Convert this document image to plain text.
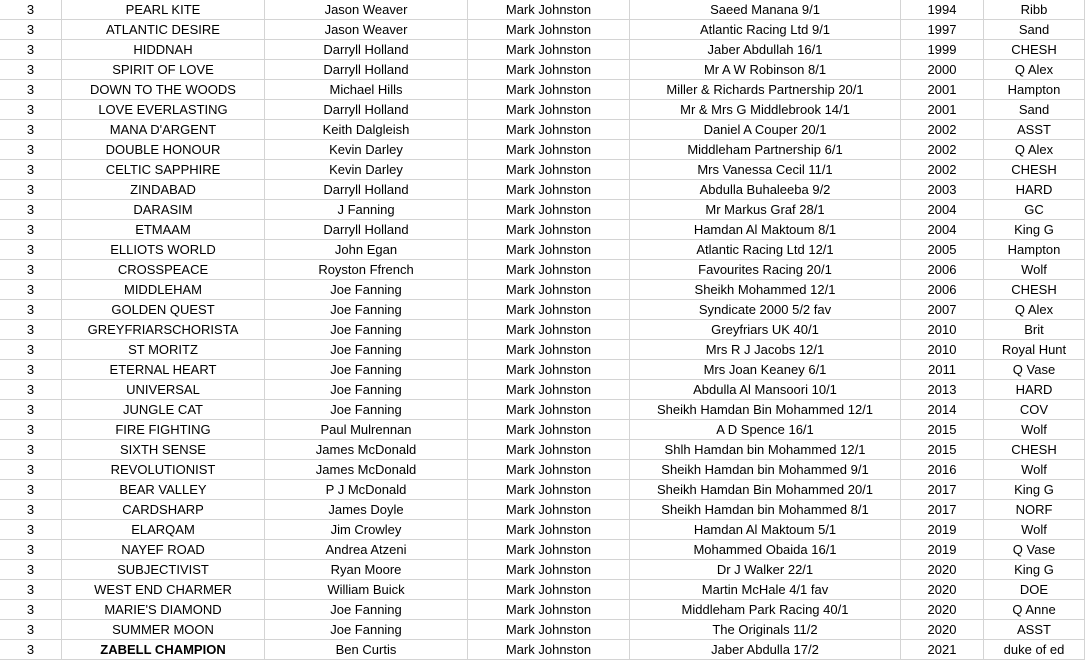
3	PEARL KITE	Jason Weaver	Mark Johnston	Saeed Manana 9/1	1994	Ribb
3	ATLANTIC DESIRE	Jason Weaver	Mark Johnston	Atlantic Racing Ltd 9/1	1997	Sand
3	HIDDNAH	Darryll Holland	Mark Johnston	Jaber Abdullah 16/1	1999	CHESH
3	SPIRIT OF LOVE	Darryll Holland	Mark Johnston	Mr A W Robinson 8/1	2000	Q Alex
3	DOWN TO THE WOODS	Michael Hills	Mark Johnston	Miller & Richards Partnership 20/1	2001	Hampton
3	LOVE EVERLASTING	Darryll Holland	Mark Johnston	Mr & Mrs G Middlebrook 14/1	2001	Sand
3	MANA D'ARGENT	Keith Dalgleish	Mark Johnston	Daniel A Couper 20/1	2002	ASST
3	DOUBLE HONOUR	Kevin Darley	Mark Johnston	Middleham Partnership 6/1	2002	Q Alex
3	CELTIC SAPPHIRE	Kevin Darley	Mark Johnston	Mrs Vanessa Cecil 11/1	2002	CHESH
3	ZINDABAD	Darryll Holland	Mark Johnston	Abdulla Buhaleeba 9/2	2003	HARD
3	DARASIM	J Fanning	Mark Johnston	Mr Markus Graf 28/1	2004	GC
3	ETMAAM	Darryll Holland	Mark Johnston	Hamdan Al Maktoum 8/1	2004	King G
3	ELLIOTS WORLD	John Egan	Mark Johnston	Atlantic Racing Ltd 12/1	2005	Hampton
3	CROSSPEACE	Royston Ffrench	Mark Johnston	Favourites Racing 20/1	2006	Wolf
3	MIDDLEHAM	Joe Fanning	Mark Johnston	Sheikh Mohammed 12/1	2006	CHESH
3	GOLDEN QUEST	Joe Fanning	Mark Johnston	Syndicate 2000 5/2 fav	2007	Q Alex
3	GREYFRIARSCHORISTA	Joe Fanning	Mark Johnston	Greyfriars UK 40/1	2010	Brit
3	ST MORITZ	Joe Fanning	Mark Johnston	Mrs R J Jacobs 12/1	2010	Royal Hunt
3	ETERNAL HEART	Joe Fanning	Mark Johnston	Mrs Joan Keaney 6/1	2011	Q Vase
3	UNIVERSAL	Joe Fanning	Mark Johnston	Abdulla Al Mansoori 10/1	2013	HARD
3	JUNGLE CAT	Joe Fanning	Mark Johnston	Sheikh Hamdan Bin Mohammed 12/1	2014	COV
3	FIRE FIGHTING	Paul Mulrennan	Mark Johnston	A D Spence 16/1	2015	Wolf
3	SIXTH SENSE	James McDonald	Mark Johnston	Shlh Hamdan bin Mohammed 12/1	2015	CHESH
3	REVOLUTIONIST	James McDonald	Mark Johnston	Sheikh Hamdan bin Mohammed 9/1	2016	Wolf
3	BEAR VALLEY	P J McDonald	Mark Johnston	Sheikh Hamdan Bin Mohammed 20/1	2017	King G
3	CARDSHARP	James Doyle	Mark Johnston	Sheikh Hamdan bin Mohammed 8/1	2017	NORF
3	ELARQAM	Jim Crowley	Mark Johnston	Hamdan Al Maktoum 5/1	2019	Wolf
3	NAYEF ROAD	Andrea Atzeni	Mark Johnston	Mohammed Obaida 16/1	2019	Q Vase
3	SUBJECTIVIST	Ryan Moore	Mark Johnston	Dr J Walker 22/1	2020	King G
3	WEST END CHARMER	William Buick	Mark Johnston	Martin McHale 4/1 fav	2020	DOE
3	MARIE'S DIAMOND	Joe Fanning	Mark Johnston	Middleham Park Racing 40/1	2020	Q Anne
3	SUMMER MOON	Joe Fanning	Mark Johnston	The Originals 11/2	2020	ASST
3	ZABELL CHAMPION	Ben Curtis	Mark Johnston	Jaber Abdulla 17/2	2021	duke of ed
